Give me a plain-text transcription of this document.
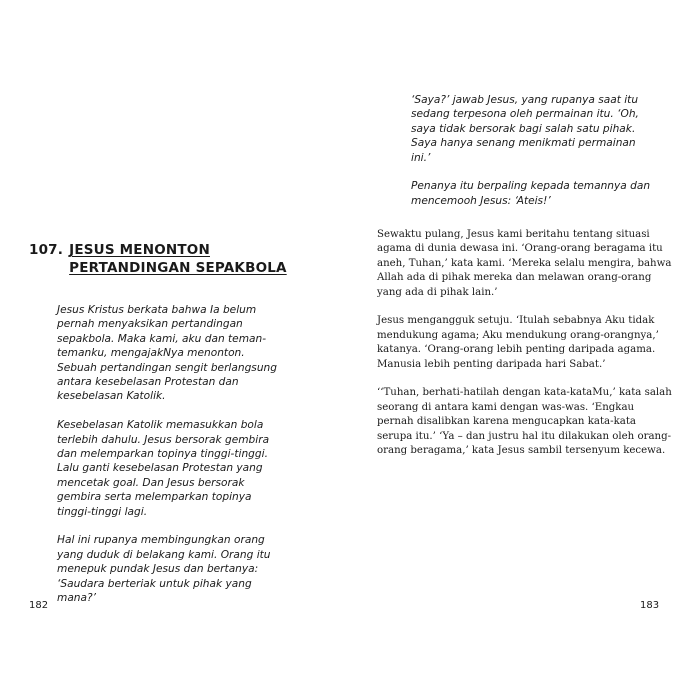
107. JESUS MENONTON PERTANDINGAN SEPAKBOLA

Jesus Kristus berkata bahwa Ia belum pernah menyaksikan pertandingan sepakbola. Maka kami, aku dan teman-temanku, mengajakNya menonton. Sebuah pertandingan sengit berlangsung antara kesebelasan Protestan dan kesebelasan Katolik.

Kesebelasan Katolik memasukkan bola terlebih dahulu. Jesus bersorak gembira dan melemparkan topinya tinggi-tinggi. Lalu ganti kesebelasan Protestan yang mencetak goal. Dan Jesus bersorak gembira serta melemparkan topinya tinggi-tinggi lagi.

Hal ini rupanya membingungkan orang yang duduk di belakang kami. Orang itu menepuk pundak Jesus dan bertanya: ‘Saudara berteriak untuk pihak yang mana?’

182	183

‘Saya?’ jawab Jesus, yang rupanya saat itu sedang terpesona oleh permainan itu. ‘Oh, saya tidak bersorak bagi salah satu pihak. Saya hanya senang menikmati permainan ini.’

Penanya itu berpaling kepada temannya dan mencemooh Jesus: ‘Ateis!’

Sewaktu pulang, Jesus kami beritahu tentang situasi agama di dunia dewasa ini. ‘Orang-orang beragama itu aneh, Tuhan,’ kata kami. ‘Mereka selalu mengira, bahwa Allah ada di pihak mereka dan melawan orang-orang yang ada di pihak lain.’

Jesus mengangguk setuju. ‘Itulah sebabnya Aku tidak mendukung agama; Aku mendukung orang-orangnya,’ katanya. ‘Orang-orang lebih penting daripada agama. Manusia lebih penting daripada hari Sabat.’

‘‘Tuhan, berhati-hatilah dengan kata-kataMu,’ kata salah seorang di antara kami dengan was-was. ‘Engkau pernah disalibkan karena mengucapkan kata-kata serupa itu.’ ‘Ya – dan justru hal itu dilakukan oleh orang-orang beragama,’ kata Jesus sambil tersenyum kecewa.
